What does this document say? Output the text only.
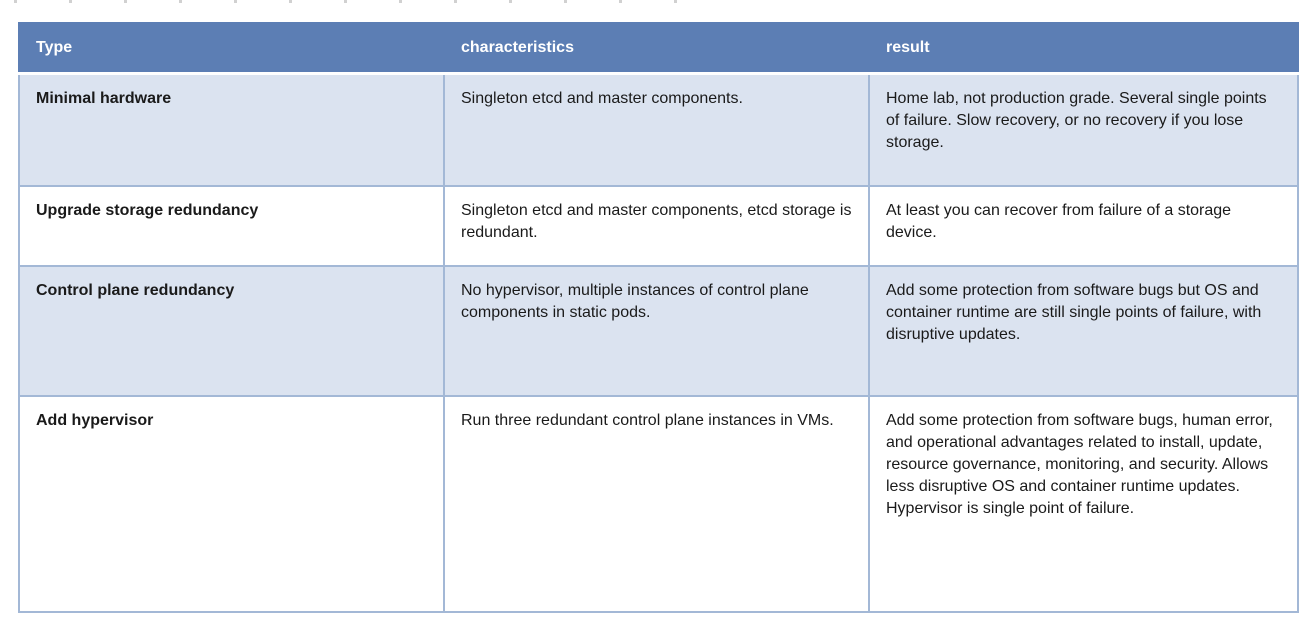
Type	characteristics	result
Minimal hardware	Singleton etcd and master components.	Home lab, not production grade. Several single points of failure. Slow recovery, or no recovery if you lose storage.
Upgrade storage redundancy	Singleton etcd and master components, etcd storage is redundant.	At least you can recover from failure of a storage device.
Control plane redundancy	No hypervisor, multiple instances of control plane components in static pods.	Add some protection from software bugs but OS and container runtime are still single points of failure, with disruptive updates.
Add hypervisor	Run three redundant control plane instances in VMs.	Add some protection from software bugs, human error, and operational advantages related to install, update, resource governance, monitoring, and security. Allows less disruptive OS and container runtime updates. Hypervisor is single point of failure.
